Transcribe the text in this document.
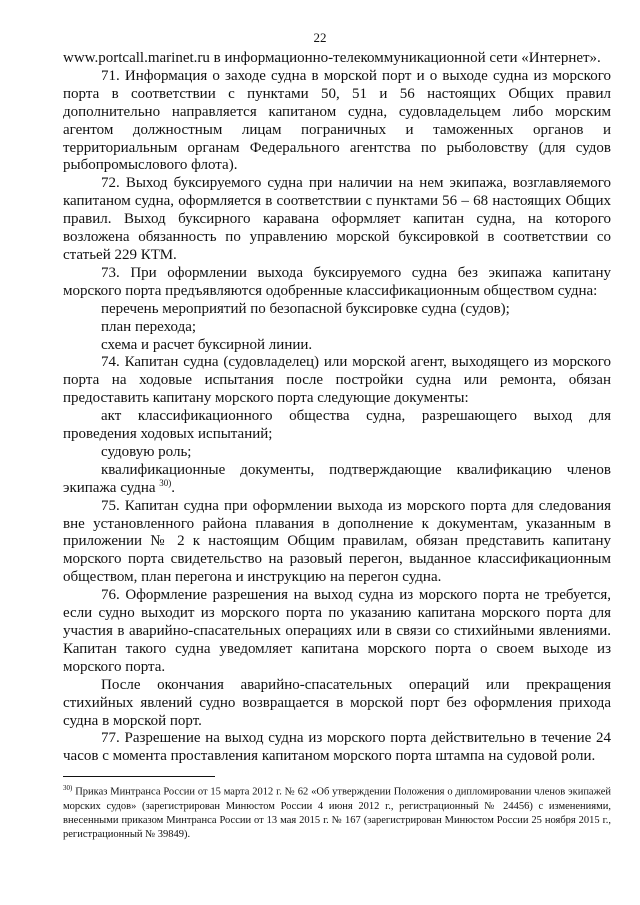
22

www.portcall.marinet.ru в информационно-телекоммуникационной сети «Интернет».

71. Информация о заходе судна в морской порт и о выходе судна из морского порта в соответствии с пунктами 50, 51 и 56 настоящих Общих правил дополнительно направляется капитаном судна, судовладельцем либо морским агентом должностным лицам пограничных и таможенных органов и территориальным органам Федерального агентства по рыболовству (для судов рыбопромыслового флота).

72. Выход буксируемого судна при наличии на нем экипажа, возглавляемого капитаном судна, оформляется в соответствии с пунктами 56 – 68 настоящих Общих правил. Выход буксирного каравана оформляет капитан судна, на которого возложена обязанность по управлению морской буксировкой в соответствии со статьей 229 КТМ.

73. При оформлении выхода буксируемого судна без экипажа капитану морского порта предъявляются одобренные классификационным обществом судна:

перечень мероприятий по безопасной буксировке судна (судов);

план перехода;

схема и расчет буксирной линии.

74. Капитан судна (судовладелец) или морской агент, выходящего из морского порта на ходовые испытания после постройки судна или ремонта, обязан предоставить капитану морского порта следующие документы:

акт классификационного общества судна, разрешающего выход для проведения ходовых испытаний;

судовую роль;

квалификационные документы, подтверждающие квалификацию членов экипажа судна $^{30)}$.

75. Капитан судна при оформлении выхода из морского порта для следования вне установленного района плавания в дополнение к документам, указанным в приложении № 2 к настоящим Общим правилам, обязан представить капитану морского порта свидетельство на разовый перегон, выданное классификационным обществом, план перегона и инструкцию на перегон судна.

76. Оформление разрешения на выход судна из морского порта не требуется, если судно выходит из морского порта по указанию капитана морского порта для участия в аварийно-спасательных операциях или в связи со стихийными явлениями. Капитан такого судна уведомляет капитана морского порта о своем выходе из морского порта.

После окончания аварийно-спасательных операций или прекращения стихийных явлений судно возвращается в морской порт без оформления прихода судна в морской порт.

77. Разрешение на выход судна из морского порта действительно в течение 24 часов с момента проставления капитаном морского порта штампа на судовой роли.

$^{30)}$ Приказ Минтранса России от 15 марта 2012 г. № 62 «Об утверждении Положения о дипломировании членов экипажей морских судов» (зарегистрирован Минюстом России 4 июня 2012 г., регистрационный № 24456) с изменениями, внесенными приказом Минтранса России от 13 мая 2015 г. № 167 (зарегистрирован Минюстом России 25 ноября 2015 г., регистрационный № 39849).
